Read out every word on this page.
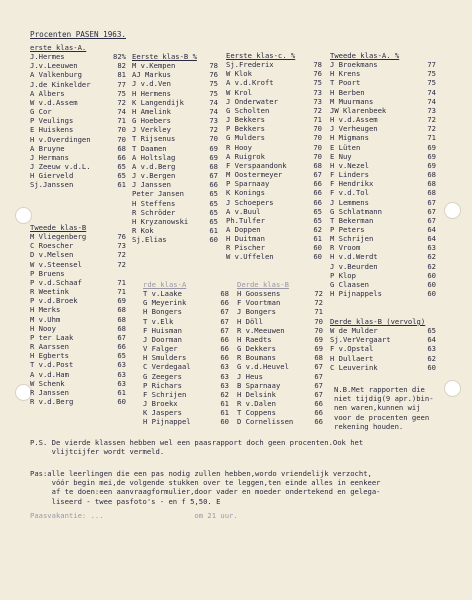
Procenten PASEN 1963.
erste klas-A.
J.Hermes	82%
J.v.Leeuwen	82
A Valkenburg	81
J.de Kinkelder	77
A Albers	75
W v.d.Assem	72
G Cor	74
P Veulings	71
E Huiskens	70
H v.Overdingen	70
A Bruyne	68
J Hermans	66
J Zeeuw v.d.L.	65
H Gierveld	65
Sj.Janssen	61
Tweede klas-B
M Vliegenberg	76
C Roescher	73
D v.Melsen	72
W v.Steensel	72
P Bruens
P v.d.Schaaf	71
R Weetink	71
P v.d.Broek	69
H Merks	68
M v.Uhm	68
H Nooy	68
P ter Laak	67
R Aarssen	66
H Egberts	65
T v.d.Post	63
A v.d.Ham	63
W Schenk	63
R Janssen	61
R v.d.Berg	60
Eerste klas-B %
M v.Kempen	78
AJ Markus	76
J v.d.Ven	75
H Hermens	75
K Langendijk	74
H Amelink	74
G Hoebers	73
J Verkley	72
T Rijsenus	70
T Daamen	69
A Holtslag	69
A v.d.Berg	68
J v.Bergen	67
J Janssen	66
Peter Jansen	65
H Steffens	65
R Schröder	65
H Kryzanowski	65
R Kok	61
Sj.Elias	60
rde klas-A
T v.Laake	68
G Meyerink	66
H Bongers	67
T v.Elk	67
F Huisman	67
J Doorman	66
V Falger	66
H Smulders	66
C Verdegaal	63
G Zeegers	63
P Richars	63
F Schrijen	62
J Broekx	61
K Jaspers	61
H Pijnappel	60
Eerste klas-c. %
Sj.Frederix	78
W Klok	76
A v.d.Kroft	75
W Krol	73
J Onderwater	73
G Scholten	72
J Bekkers	71
P Bekkers	70
G Mulders	70
R Hooy	70
A Ruigrok	70
F Verspaandonk	68
M Oostermeyer	67
P Sparnaay	66
K Konings	66
J Schoepers	66
A v.Buul	65
Ph.Tulfer	65
A Doppen	62
H Duitman	61
R Pischer	60
W v.Uffelen	60
Derde klas-B
H Goossens	72
F Voortman	72
J Bongers	71
H Döll	70
R v.Meeuwen	70
H Raedts	69
G Dekkers	69
R Boumans	68
G v.d.Heuvel	67
J Heus	67
B Sparnaay	67
H Delsink	67
R v.Dalen	66
T Coppens	66
D Cornelissen	66
Tweede klas-A. %
J Broekmans	77
H Krens	75
T Poort	75
H Berben	74
M Muurmans	74
JW Klarenbeek	73
H v.d.Assem	72
J Verheugen	72
H Migmans	71
E Lüten	69
E Nuy	69
H v.Nezel	69
F Linders	68
F Hendrikx	68
F v.d.Tol	68
J Lemmens	67
G Schlatmann	67
T Bekerman	67
P Peters	64
M Schrijen	64
R Vroom	63
H v.d.Werdt	62
J v.Beurden	62
P Klop	60
G Claasen	60
H Pijnappels	60
Derde klas-B (vervolg)
W de Mulder	65
Sj.VerVergaart	64
F v.Opstal	63
H Dullaert	62
C Leuverink	60
N.B.Met rapporten die
niet tijdig(9 apr.)bin-
nen waren,kunnen wij
voor de procenten geen
rekening houden.
P.S. De vierde klassen hebben wel een paasrapport doch geen procenten.Ook het
vlijtcijfer wordt vermeld.
Pas:alle leerlingen die een pas nodig zullen hebben,wordo vriendelijk verzocht,
vóór begin mei,de volgende stukken over te leggen,ten einde alles in eenkeer
af te doen:een aanvraagformulier,door vader en moeder ondertekend en gelega-
liseerd - twee pasfoto's - en f 5,50. E
Paasvakantie: ...                     om 21 uur.
